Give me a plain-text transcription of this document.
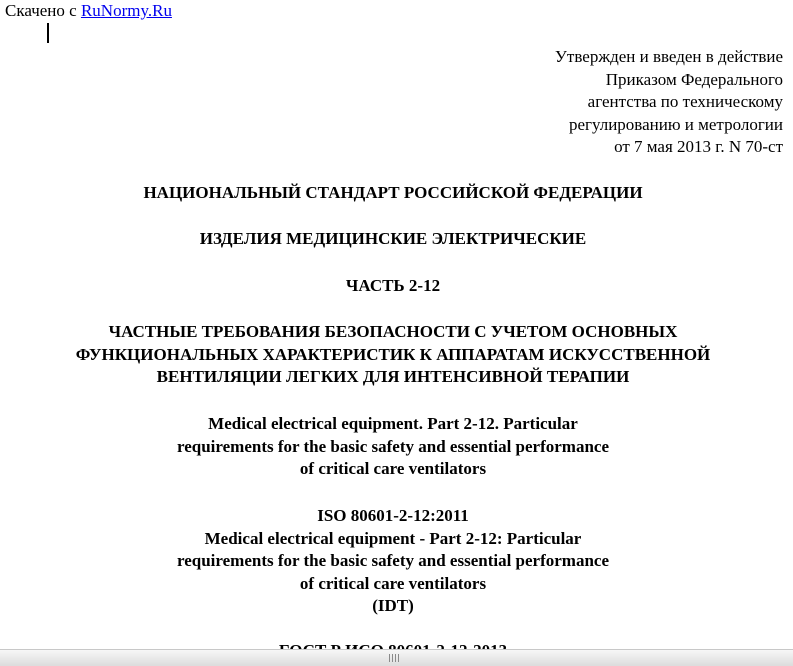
Скачено с RuNormy.Ru
Утвержден и введен в действие
Приказом Федерального
агентства по техническому
регулированию и метрологии
от 7 мая 2013 г. N 70-ст
НАЦИОНАЛЬНЫЙ СТАНДАРТ РОССИЙСКОЙ ФЕДЕРАЦИИ
ИЗДЕЛИЯ МЕДИЦИНСКИЕ ЭЛЕКТРИЧЕСКИЕ
ЧАСТЬ 2-12
ЧАСТНЫЕ ТРЕБОВАНИЯ БЕЗОПАСНОСТИ С УЧЕТОМ ОСНОВНЫХ
ФУНКЦИОНАЛЬНЫХ ХАРАКТЕРИСТИК К АППАРАТАМ ИСКУССТВЕННОЙ
ВЕНТИЛЯЦИИ ЛЕГКИХ ДЛЯ ИНТЕНСИВНОЙ ТЕРАПИИ
Medical electrical equipment. Part 2-12. Particular
requirements for the basic safety and essential performance
of critical care ventilators
ISO 80601-2-12:2011
Medical electrical equipment - Part 2-12: Particular
requirements for the basic safety and essential performance
of critical care ventilators
(IDT)
